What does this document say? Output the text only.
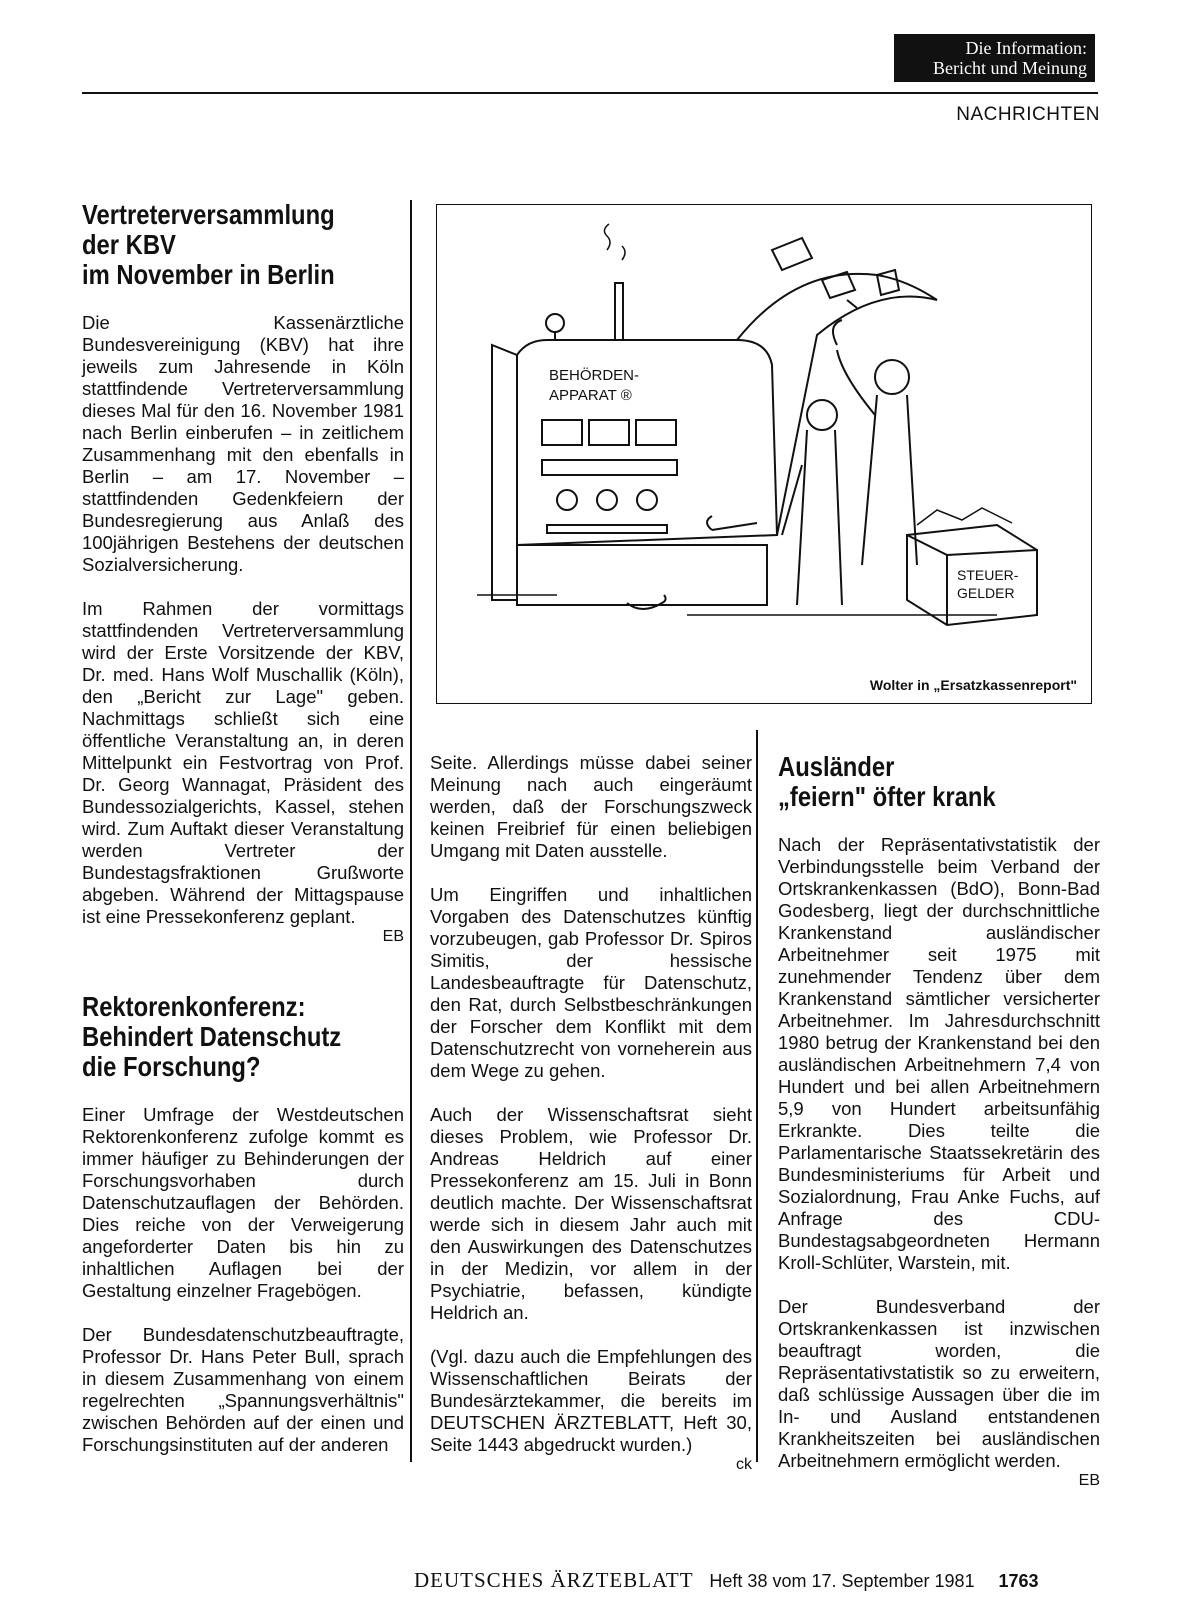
Die Information:
Bericht und Meinung
NACHRICHTEN
Vertreterversammlung
der KBV
im November in Berlin

Die Kassenärztliche Bundesvereinigung (KBV) hat ihre jeweils zum Jahresende in Köln stattfindende Vertreterversammlung dieses Mal für den 16. November 1981 nach Berlin einberufen – in zeitlichem Zusammenhang mit den ebenfalls in Berlin – am 17. November – stattfindenden Gedenkfeiern der Bundesregierung aus Anlaß des 100jährigen Bestehens der deutschen Sozialversicherung.

Im Rahmen der vormittags stattfindenden Vertreterversammlung wird der Erste Vorsitzende der KBV, Dr. med. Hans Wolf Muschallik (Köln), den „Bericht zur Lage" geben. Nachmittags schließt sich eine öffentliche Veranstaltung an, in deren Mittelpunkt ein Festvortrag von Prof. Dr. Georg Wannagat, Präsident des Bundessozialgerichts, Kassel, stehen wird. Zum Auftakt dieser Veranstaltung werden Vertreter der Bundestagsfraktionen Grußworte abgeben. Während der Mittagspause ist eine Pressekonferenz geplant.

EB
Rektorenkonferenz:
Behindert Datenschutz
die Forschung?

Einer Umfrage der Westdeutschen Rektorenkonferenz zufolge kommt es immer häufiger zu Behinderungen der Forschungsvorhaben durch Datenschutzauflagen der Behörden. Dies reiche von der Verweigerung angeforderter Daten bis hin zu inhaltlichen Auflagen bei der Gestaltung einzelner Fragebögen.

Der Bundesdatenschutzbeauftragte, Professor Dr. Hans Peter Bull, sprach in diesem Zusammenhang von einem regelrechten „Spannungsverhältnis" zwischen Behörden auf der einen und Forschungsinstituten auf der anderen

BEHÖRDEN-
APPARAT ®
STEUER-
GELDER
Wolter in „Ersatzkassenreport"

Seite. Allerdings müsse dabei seiner Meinung nach auch eingeräumt werden, daß der Forschungszweck keinen Freibrief für einen beliebigen Umgang mit Daten ausstelle.

Um Eingriffen und inhaltlichen Vorgaben des Datenschutzes künftig vorzubeugen, gab Professor Dr. Spiros Simitis, der hessische Landesbeauftragte für Datenschutz, den Rat, durch Selbstbeschränkungen der Forscher dem Konflikt mit dem Datenschutzrecht von vorneherein aus dem Wege zu gehen.

Auch der Wissenschaftsrat sieht dieses Problem, wie Professor Dr. Andreas Heldrich auf einer Pressekonferenz am 15. Juli in Bonn deutlich machte. Der Wissenschaftsrat werde sich in diesem Jahr auch mit den Auswirkungen des Datenschutzes in der Medizin, vor allem in der Psychiatrie, befassen, kündigte Heldrich an.

(Vgl. dazu auch die Empfehlungen des Wissenschaftlichen Beirats der Bundesärztekammer, die bereits im DEUTSCHEN ÄRZTEBLATT, Heft 30, Seite 1443 abgedruckt wurden.)

ck
Ausländer
„feiern" öfter krank

Nach der Repräsentativstatistik der Verbindungsstelle beim Verband der Ortskrankenkassen (BdO), Bonn-Bad Godesberg, liegt der durchschnittliche Krankenstand ausländischer Arbeitnehmer seit 1975 mit zunehmender Tendenz über dem Krankenstand sämtlicher versicherter Arbeitnehmer. Im Jahresdurchschnitt 1980 betrug der Krankenstand bei den ausländischen Arbeitnehmern 7,4 von Hundert und bei allen Arbeitnehmern 5,9 von Hundert arbeitsunfähig Erkrankte. Dies teilte die Parlamentarische Staatssekretärin des Bundesministeriums für Arbeit und Sozialordnung, Frau Anke Fuchs, auf Anfrage des CDU-Bundestagsabgeordneten Hermann Kroll-Schlüter, Warstein, mit.

Der Bundesverband der Ortskrankenkassen ist inzwischen beauftragt worden, die Repräsentativstatistik so zu erweitern, daß schlüssige Aussagen über die im In- und Ausland entstandenen Krankheitszeiten bei ausländischen Arbeitnehmern ermöglicht werden.

EB
DEUTSCHES ÄRZTEBLATT Heft 38 vom 17. September 1981 1763
